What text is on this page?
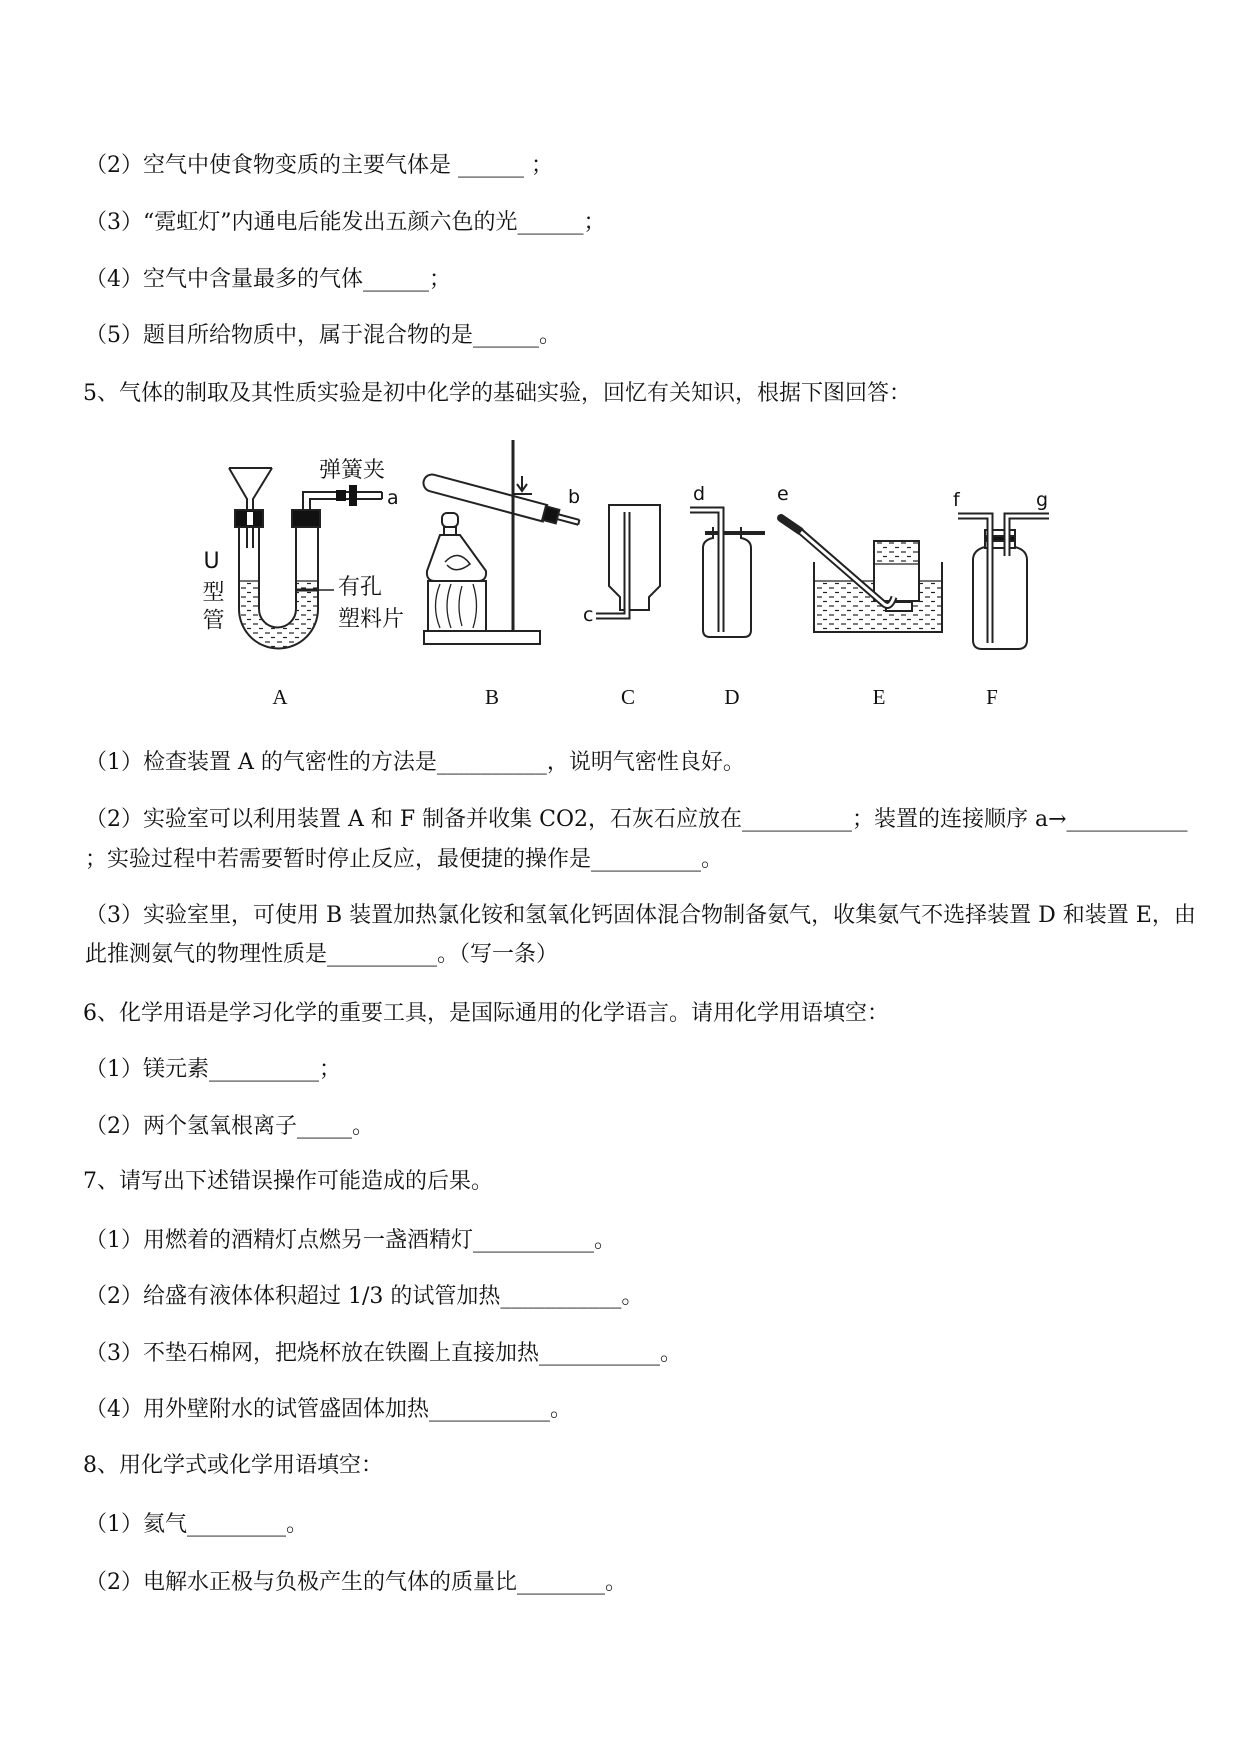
（2）空气中使食物变质的主要气体是 ______ ；
（3）“霓虹灯”内通电后能发出五颜六色的光______；
（4）空气中含量最多的气体______；
（5）题目所给物质中，属于混合物的是______。
5、气体的制取及其性质实验是初中化学的基础实验，回忆有关知识，根据下图回答：
弹簧夹
a
U型管	有孔
塑料片
b
c
d	e	f	g
A	B	C	D	E	F
（1）检查装置 A 的气密性的方法是__________，说明气密性良好。
（2）实验室可以利用装置 A 和 F 制备并收集 CO2，石灰石应放在__________；装置的连接顺序 a→___________
；实验过程中若需要暂时停止反应，最便捷的操作是__________。
（3）实验室里，可使用 B 装置加热氯化铵和氢氧化钙固体混合物制备氨气，收集氨气不选择装置 D 和装置 E，由
此推测氨气的物理性质是__________。（写一条）
6、化学用语是学习化学的重要工具，是国际通用的化学语言。请用化学用语填空：
（1）镁元素__________；
（2）两个氢氧根离子_____。
7、请写出下述错误操作可能造成的后果。
（1）用燃着的酒精灯点燃另一盏酒精灯___________。
（2）给盛有液体体积超过 1/3 的试管加热___________。
（3）不垫石棉网，把烧杯放在铁圈上直接加热___________。
（4）用外壁附水的试管盛固体加热___________。
8、用化学式或化学用语填空：
（1）氦气_________。
（2）电解水正极与负极产生的气体的质量比________。
